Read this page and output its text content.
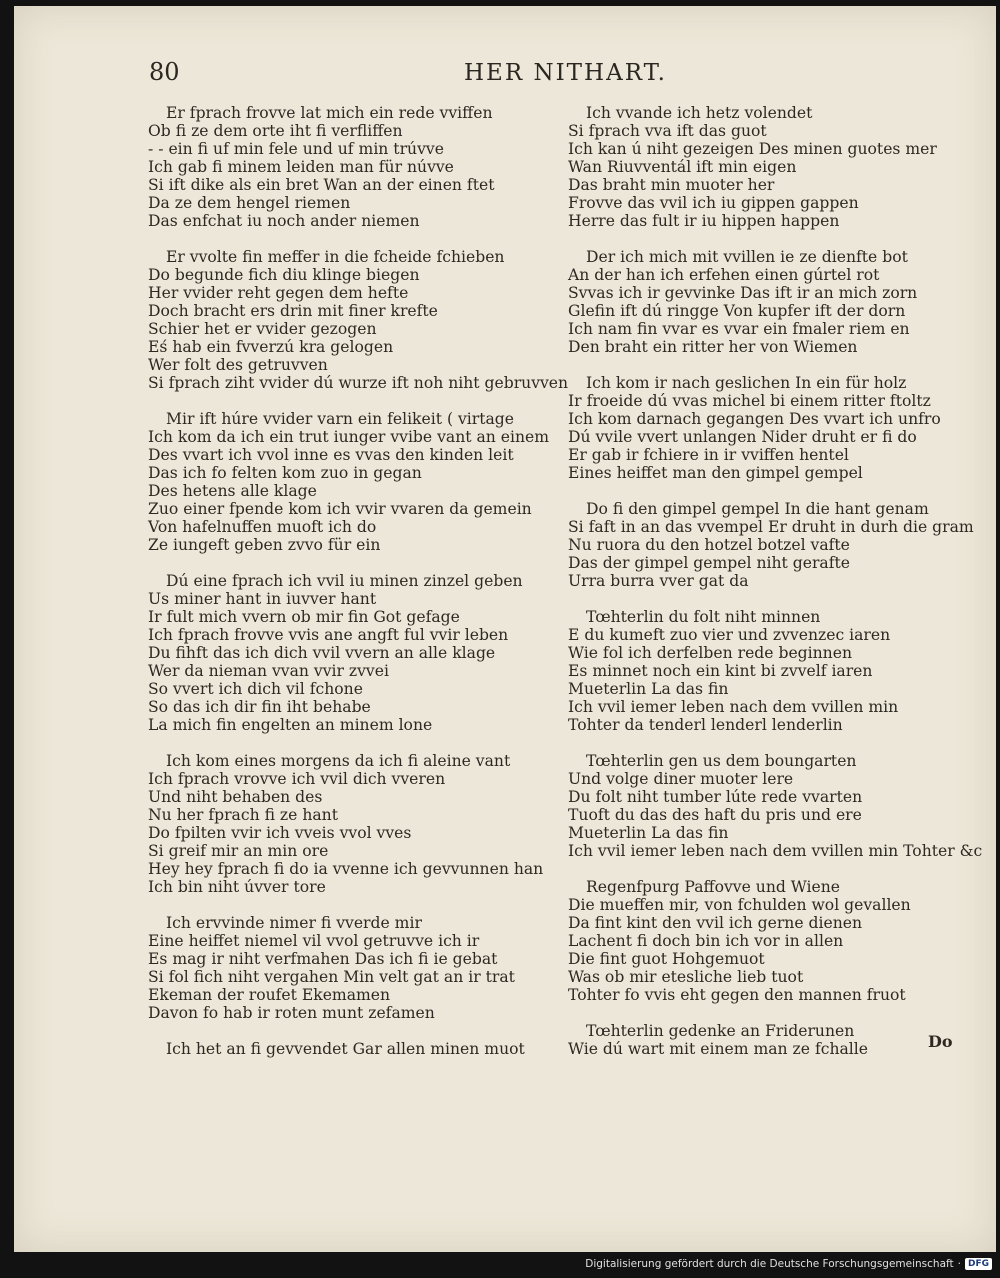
80	HER NITHART.
Er fprach frovve lat mich ein rede vviffen
Ob fi ze dem orte iht fi verfliffen
- - ein fi uf min fele und uf min trúvve
Ich gab fi minem leiden man für núvve
Si ift dike als ein bret Wan an der einen ftet
Da ze dem hengel riemen
Das enfchat iu noch ander niemen
Er vvolte fin meffer in die fcheide fchieben
Do begunde fich diu klinge biegen
Her vvider reht gegen dem hefte
Doch bracht ers drin mit finer krefte
Schier het er vvider gezogen
Eś hab ein fvverzú kra gelogen
Wer folt des getruvven
Si fprach ziht vvider dú wurze ift noh niht gebruvven
Mir ift húre vvider varn ein felikeit ( virtage
Ich kom da ich ein trut iunger vvibe vant an einem
Des vvart ich vvol inne es vvas den kinden leit
Das ich fo felten kom zuo in gegan
Des hetens alle klage
Zuo einer fpende kom ich vvir vvaren da gemein
Von hafelnuffen muoft ich do
Ze iungeft geben zvvo für ein
Dú eine fprach ich vvil iu minen zinzel geben
Us miner hant in iuvver hant
Ir fult mich vvern ob mir fin Got gefage
Ich fprach frovve vvis ane angft ful vvir leben
Du fihft das ich dich vvil vvern an alle klage
Wer da nieman vvan vvir zvvei
So vvert ich dich vil fchone
So das ich dir fin iht behabe
La mich fin engelten an minem lone
Ich kom eines morgens da ich fi aleine vant
Ich fprach vrovve ich vvil dich vveren
Und niht behaben des
Nu her fprach fi ze hant
Do fpilten vvir ich vveis vvol vves
Si greif mir an min ore
Hey hey fprach fi do ia vvenne ich gevvunnen han
Ich bin niht úvver tore
Ich ervvinde nimer fi vverde mir
Eine heiffet niemel vil vvol getruvve ich ir
Es mag ir niht verfmahen Das ich fi ie gebat
Si fol fich niht vergahen Min velt gat an ir trat
Ekeman der roufet Ekemamen
Davon fo hab ir roten munt zefamen
Ich het an fi gevvendet Gar allen minen muot
Ich vvande ich hetz volendet
Si fprach vva ift das guot
Ich kan ú niht gezeigen Des minen guotes mer
Wan Riuvventál ift min eigen
Das braht min muoter her
Frovve das vvil ich iu gippen gappen
Herre das fult ir iu hippen happen
Der ich mich mit vvillen ie ze dienfte bot
An der han ich erfehen einen gúrtel rot
Svvas ich ir gevvinke Das ift ir an mich zorn
Glefin ift dú ringge Von kupfer ift der dorn
Ich nam fin vvar es vvar ein fmaler riem en
Den braht ein ritter her von Wiemen
Ich kom ir nach geslichen In ein für holz
Ir froeide dú vvas michel bi einem ritter ftoltz
Ich kom darnach gegangen Des vvart ich unfro
Dú vvile vvert unlangen Nider druht er fi do
Er gab ir fchiere in ir vviffen hentel
Eines heiffet man den gimpel gempel
Do fi den gimpel gempel In die hant genam
Si faft in an das vvempel Er druht in durh die gram
Nu ruora du den hotzel botzel vafte
Das der gimpel gempel niht gerafte
Urra burra vver gat da
Tœhterlin du folt niht minnen
E du kumeft zuo vier und zvvenzec iaren
Wie fol ich derfelben rede beginnen
Es minnet noch ein kint bi zvvelf iaren
Mueterlin La das fin
Ich vvil iemer leben nach dem vvillen min
Tohter da tenderl lenderl lenderlin
Tœhterlin gen us dem boungarten
Und volge diner muoter lere
Du folt niht tumber lúte rede vvarten
Tuoft du das des haft du pris und ere
Mueterlin La das fin
Ich vvil iemer leben nach dem vvillen min Tohter &c
Regenfpurg Paffovve und Wiene
Die mueffen mir, von fchulden wol gevallen
Da fint kint den vvil ich gerne dienen
Lachent fi doch bin ich vor in allen
Die fint guot Hohgemuot
Was ob mir etesliche lieb tuot
Tohter fo vvis eht gegen den mannen fruot
Tœhterlin gedenke an Friderunen
Wie dú wart mit einem man ze fchalle	Do
Digitalisierung gefördert durch die Deutsche Forschungsgemeinschaft · DFG
